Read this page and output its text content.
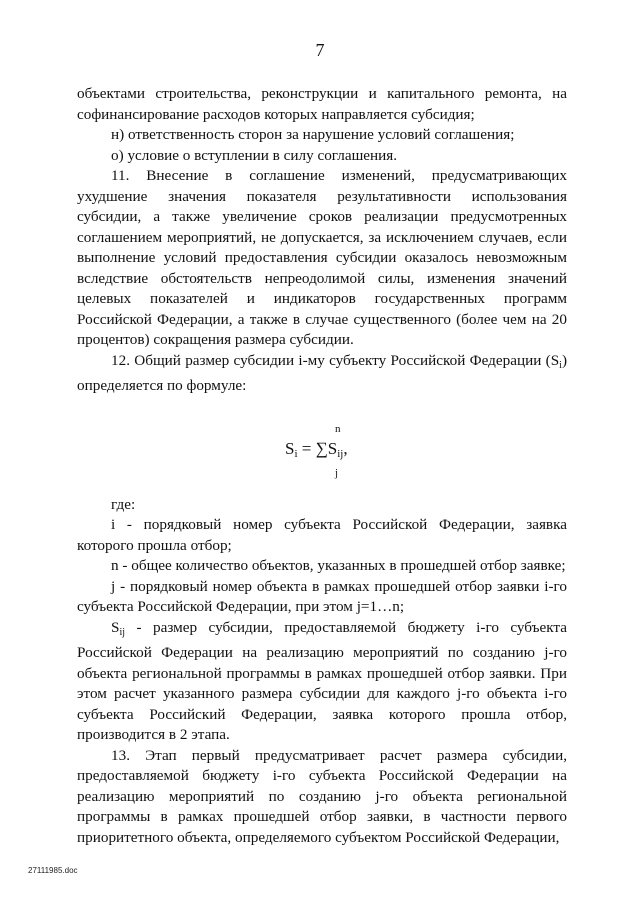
7

объектами строительства, реконструкции и капитального ремонта, на софинансирование расходов которых направляется субсидия;

н) ответственность сторон за нарушение условий соглашения;

о) условие о вступлении в силу соглашения.

11. Внесение в соглашение изменений, предусматривающих ухудшение значения показателя результативности использования субсидии, а также увеличение сроков реализации предусмотренных соглашением мероприятий, не допускается, за исключением случаев, если выполнение условий предоставления субсидии оказалось невозможным вследствие обстоятельств непреодолимой силы, изменения значений целевых показателей и индикаторов государственных программ Российской Федерации, а также в случае существенного (более чем на 20 процентов) сокращения размера субсидии.

12. Общий размер субсидии i-му субъекту Российской Федерации (Si) определяется по формуле:

n
$S_i = \sum S_{ij}$,
j

где:

i - порядковый номер субъекта Российской Федерации, заявка которого прошла отбор;

n - общее количество объектов, указанных в прошедшей отбор заявке;

j - порядковый номер объекта в рамках прошедшей отбор заявки i-го субъекта Российской Федерации, при этом j=1…n;

Sij - размер субсидии, предоставляемой бюджету i-го субъекта Российской Федерации на реализацию мероприятий по созданию j-го объекта региональной программы в рамках прошедшей отбор заявки. При этом расчет указанного размера субсидии для каждого j-го объекта i-го субъекта Российский Федерации, заявка которого прошла отбор, производится в 2 этапа.

13. Этап первый предусматривает расчет размера субсидии, предоставляемой бюджету i-го субъекта Российской Федерации на реализацию мероприятий по созданию j-го объекта региональной программы в рамках прошедшей отбор заявки, в частности первого приоритетного объекта, определяемого субъектом Российской Федерации,

27111985.doc
